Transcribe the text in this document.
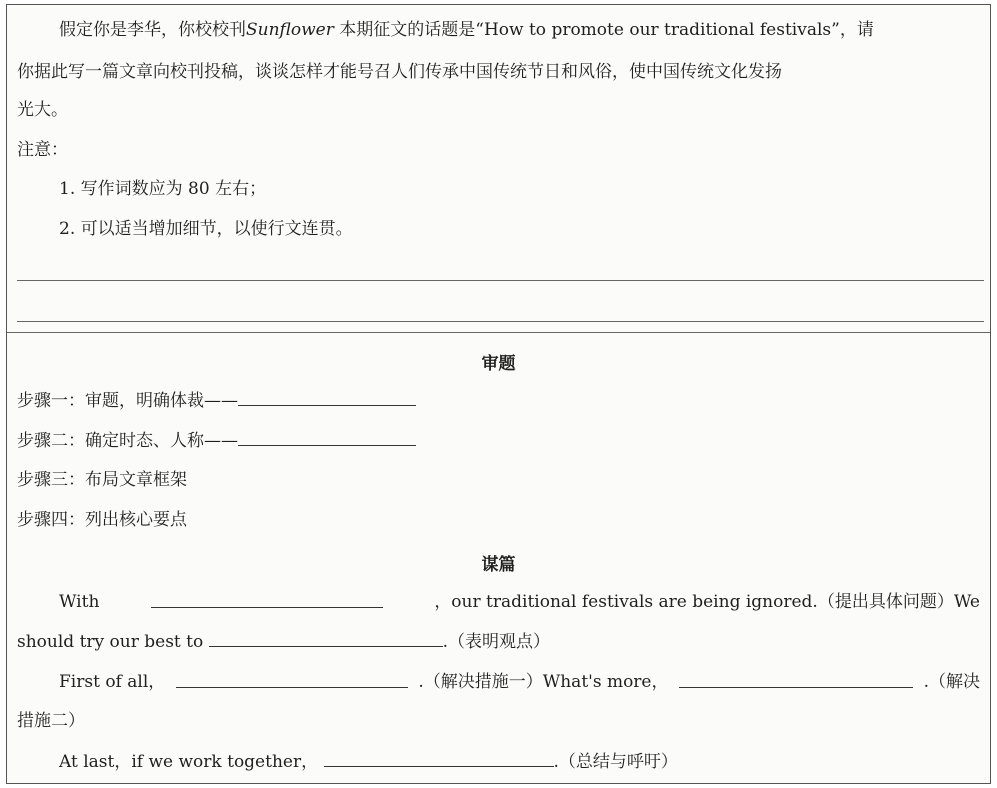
假定你是李华，你校校刊Sunflower 本期征文的话题是“How to promote our traditional festivals”，请
你据此写一篇文章向校刊投稿，谈谈怎样才能号召人们传承中国传统节日和风俗，使中国传统文化发扬
光大。
注意：
1. 写作词数应为 80 左右；
2. 可以适当增加细节，以使行文连贯。
审题
步骤一：审题，明确体裁——
步骤二：确定时态、人称——
步骤三：布局文章框架
步骤四：列出核心要点
谋篇
With	，our traditional festivals are being ignored.（提出具体问题）We
should try our best to	.（表明观点）
First of all，	.（解决措施一）What's more，	.（解决
措施二）
At last，if we work together，	.（总结与呼吁）
